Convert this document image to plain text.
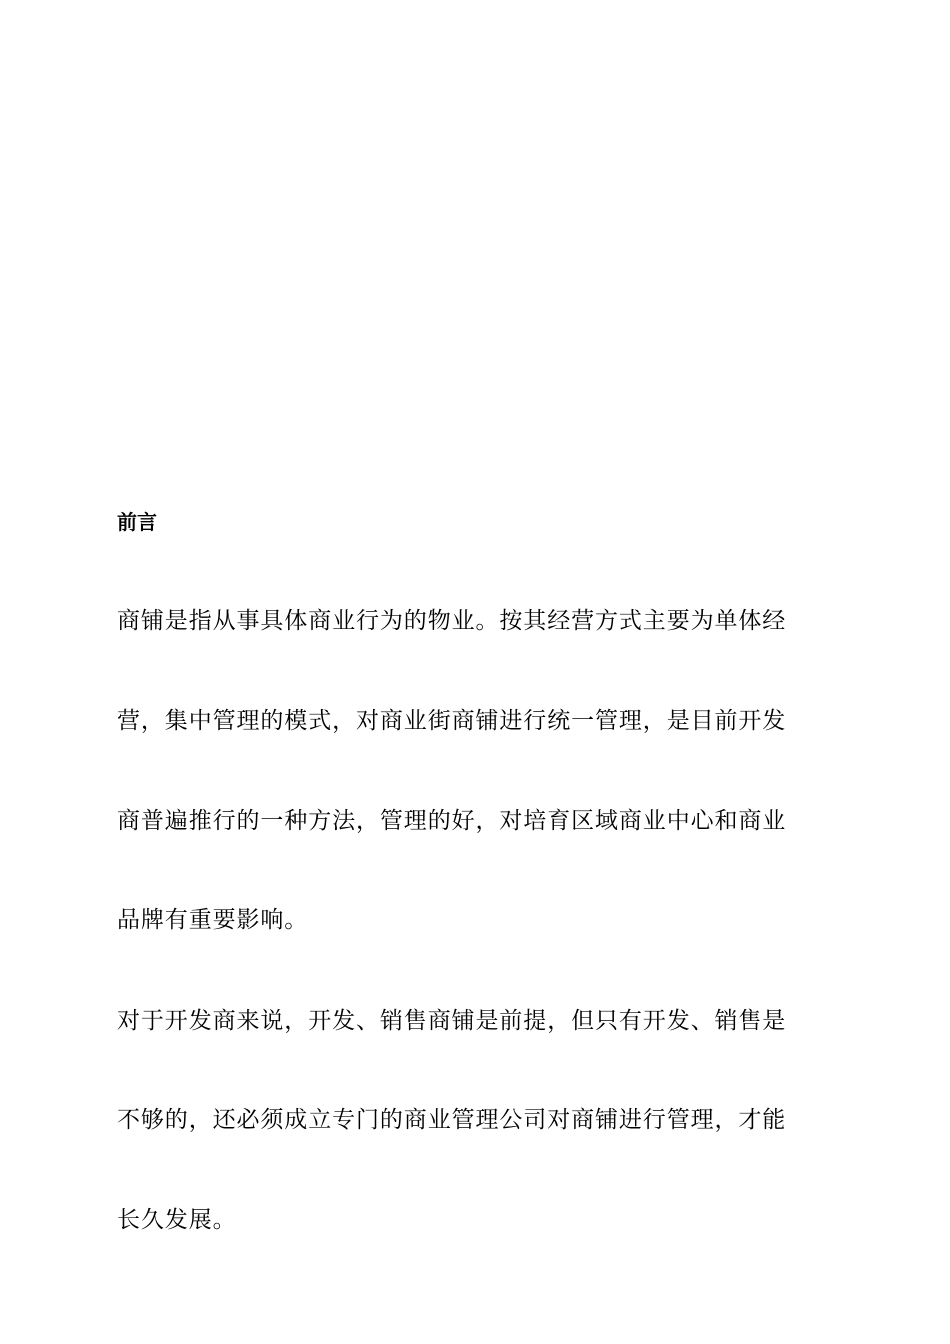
前言

商铺是指从事具体商业行为的物业。按其经营方式主要为单体经

营，集中管理的模式，对商业街商铺进行统一管理，是目前开发

商普遍推行的一种方法，管理的好，对培育区域商业中心和商业

品牌有重要影响。

对于开发商来说，开发、销售商铺是前提，但只有开发、销售是

不够的，还必须成立专门的商业管理公司对商铺进行管理，才能

长久发展。
